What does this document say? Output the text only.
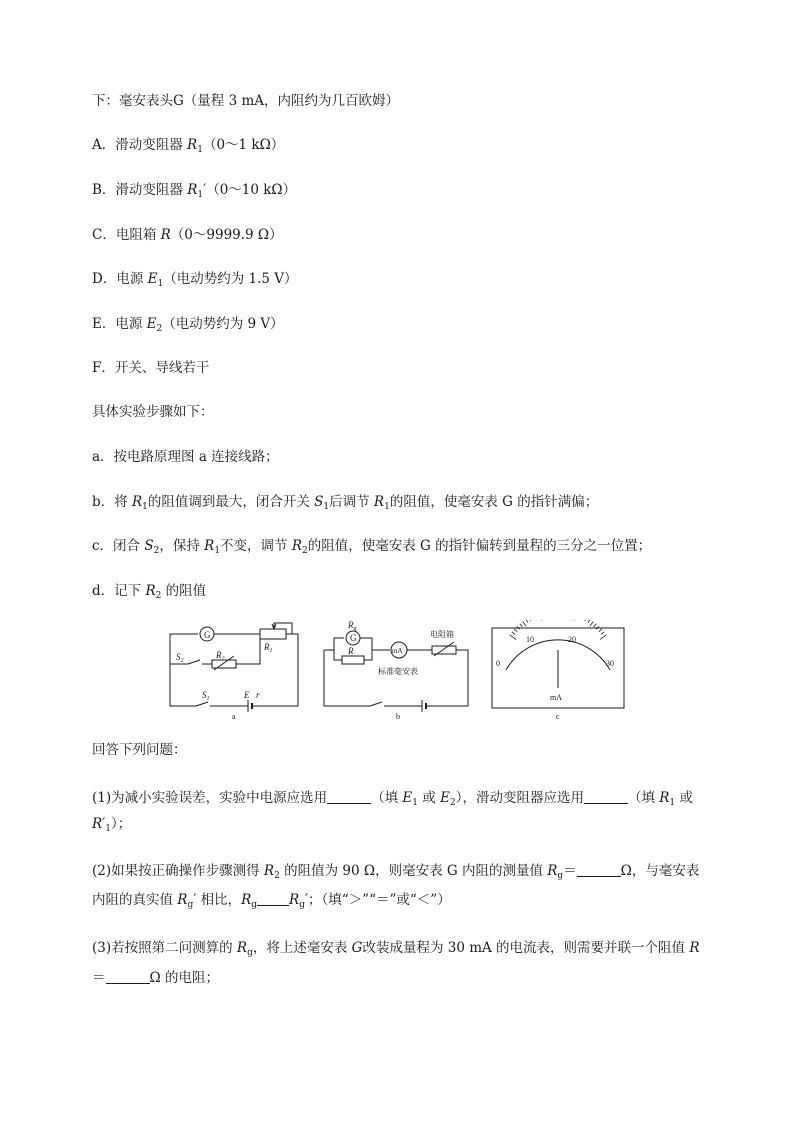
下：毫安表头G（量程 3 mA，内阻约为几百欧姆）
A．滑动变阻器 $R_1(0\sim 1$ kΩ）
B．滑动变阻器 $R_1'(0\sim 10$ kΩ）
C．电阻箱 R（0～9999.9 Ω）
D．电源 $E_1$（电动势约为 1.5 V）
E．电源 $E_2$（电动势约为 9 V）
F．开关、导线若干
具体实验步骤如下：
a．按电路原理图 a 连接线路；
b．将 $R_1$的阻值调到最大，闭合开关 $S_1$后调节 $R_1$的阻值，使毫安表 G 的指针满偏；
c．闭合 $S_2$，保持 $R_1$不变，调节 $R_2$的阻值，使毫安表 G 的指针偏转到量程的三分之一位置；
d．记下 $R_2$ 的阻值
G
$R_1$
$R_2$
$S_2$
$S_1$	E r
a
$R_g$
G
R	mA
电阻箱
标准毫安表
b
0
10	20
30
mA
c
回答下列问题：
(1)为减小实验误差，实验中电源应选用	（填 $E_1$ 或 $E_2$），滑动变阻器应选用	（填 $R_1$ 或
$R'_1$）；
(2)如果按正确操作步骤测得 $R_2$ 的阻值为 90 Ω，则毫安表 G 内阻的测量值 $R_g=$	Ω，与毫安表
内阻的真实值 $R_g'$ 相比，$R_g$ $R_g'$；（填“＞”“＝”或“＜”）
(3)若按照第二问测算的 $R_g$，将上述毫安表 G改装成量程为 30 mA 的电流表，则需要并联一个阻值 R
＝	Ω 的电阻；
